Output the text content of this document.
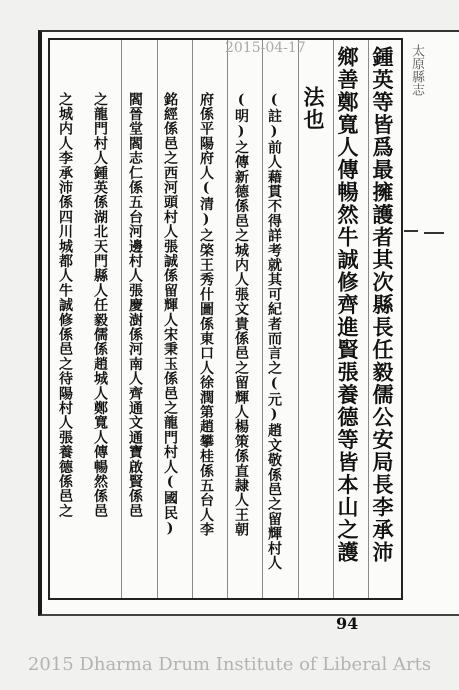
2015-04-17	鍾英等皆爲最擁護者其次縣長任毅儒公安局長李承沛
鄉善鄭寬人傳暢然牛誠修齊進賢張養德等皆本山之護
法也
(註)前人藉貫不得詳考就其可紀者而言之(元)趙文敬係邑之留輝村人
(明)之傳新德係邑之城内人張文貴係邑之留輝人楊策係直隷人王朝
府係平陽府人(清)之棨王秀什圖係東口人徐潤第趙攀桂係五台人李
銘經係邑之西河頭村人張誠係留輝人宋秉玉係邑之龍門村人(國民)
閻晉堂閻志仁係五台河邊村人張慶澍係河南人齊通文通寶啟賢係邑
之龍門村人鍾英係湖北天門縣人任毅儒係趙城人鄭寬人傳暢然係邑
之城内人李承沛係四川城都人牛誠修係邑之待陽村人張養德係邑之
太原縣志
94
2015 Dharma Drum Institute of Liberal Arts
